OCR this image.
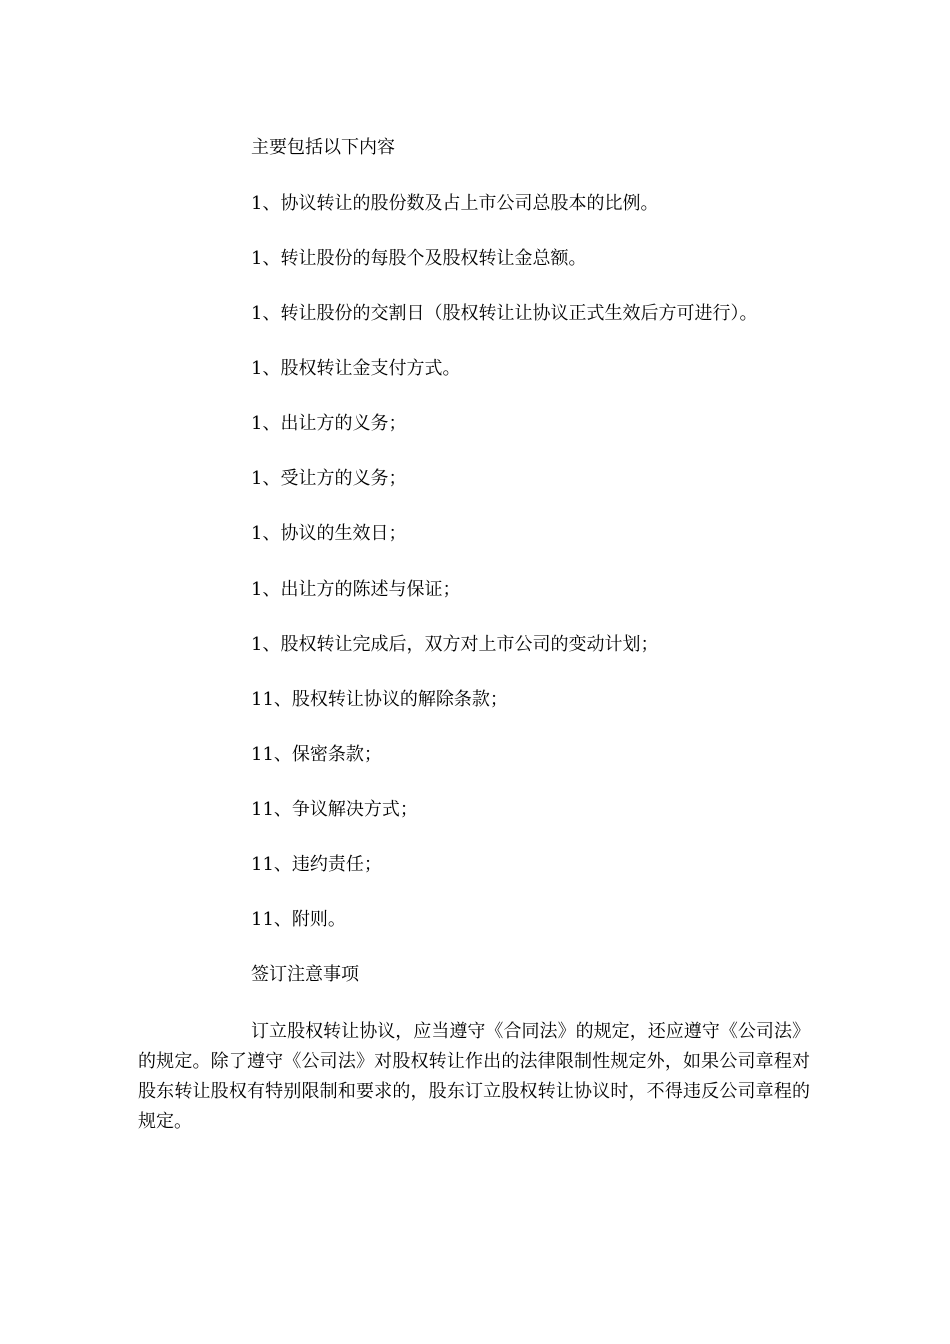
主要包括以下内容
1、协议转让的股份数及占上市公司总股本的比例。
1、转让股份的每股个及股权转让金总额。
1、转让股份的交割日（股权转让让协议正式生效后方可进行）。
1、股权转让金支付方式。
1、出让方的义务；
1、受让方的义务；
1、协议的生效日；
1、出让方的陈述与保证；
1、股权转让完成后，双方对上市公司的变动计划；
11、股权转让协议的解除条款；
11、保密条款；
11、争议解决方式；
11、违约责任；
11、附则。
签订注意事项
订立股权转让协议，应当遵守《合同法》的规定，还应遵守《公司法》的规定。除了遵守《公司法》对股权转让作出的法律限制性规定外，如果公司章程对股东转让股权有特别限制和要求的，股东订立股权转让协议时，不得违反公司章程的规定。
